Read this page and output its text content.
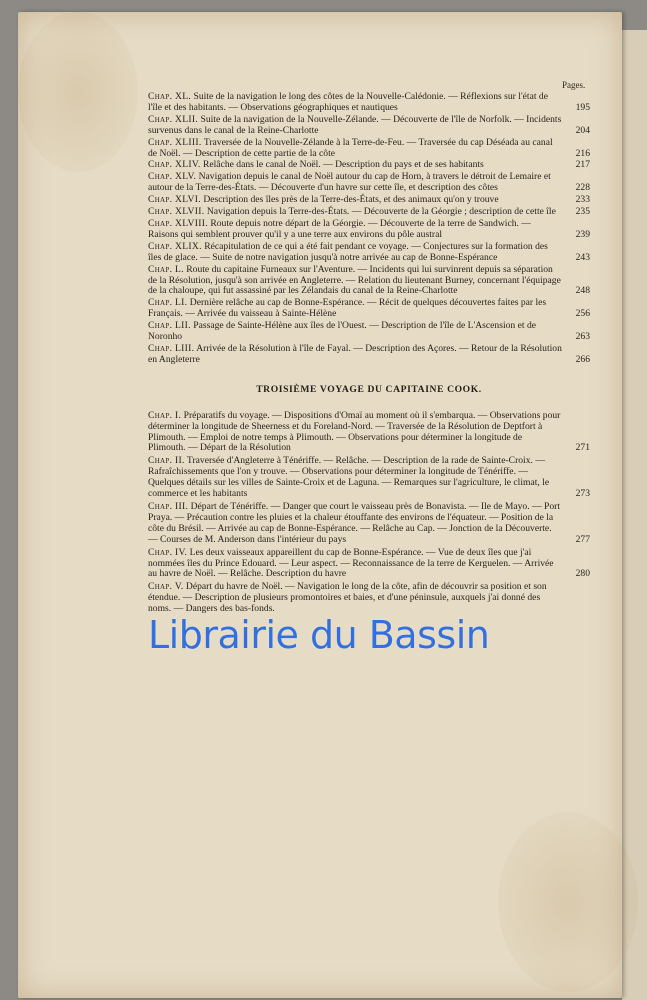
Pages.
Chap. XL. Suite de la navigation le long des côtes de la Nouvelle-Calédonie. — Réflexions sur l'état de l'île et des habitants. — Observations géographiques et nautiques	195
Chap. XLII. Suite de la navigation de la Nouvelle-Zélande. — Découverte de l'île de Norfolk. — Incidents survenus dans le canal de la Reine-Charlotte	204
Chap. XLIII. Traversée de la Nouvelle-Zélande à la Terre-de-Feu. — Traversée du cap Déséada au canal de Noël. — Description de cette partie de la côte	216
Chap. XLIV. Relâche dans le canal de Noël. — Description du pays et de ses habitants	217
Chap. XLV. Navigation depuis le canal de Noël autour du cap de Horn, à travers le détroit de Lemaire et autour de la Terre-des-États. — Découverte d'un havre sur cette île, et description des côtes	228
Chap. XLVI. Description des îles près de la Terre-des-États, et des animaux qu'on y trouve	233
Chap. XLVII. Navigation depuis la Terre-des-États. — Découverte de la Géorgie ; description de cette île	235
Chap. XLVIII. Route depuis notre départ de la Géorgie. — Découverte de la terre de Sandwich. — Raisons qui semblent prouver qu'il y a une terre aux environs du pôle austral	239
Chap. XLIX. Récapitulation de ce qui a été fait pendant ce voyage. — Conjectures sur la formation des îles de glace. — Suite de notre navigation jusqu'à notre arrivée au cap de Bonne-Espérance	243
Chap. L. Route du capitaine Furneaux sur l'Aventure. — Incidents qui lui survinrent depuis sa séparation de la Résolution, jusqu'à son arrivée en Angleterre. — Relation du lieutenant Burney, concernant l'équipage de la chaloupe, qui fut assassiné par les Zélandais du canal de la Reine-Charlotte	248
Chap. LI. Dernière relâche au cap de Bonne-Espérance. — Récit de quelques découvertes faites par les Français. — Arrivée du vaisseau à Sainte-Hélène	256
Chap. LII. Passage de Sainte-Hélène aux îles de l'Ouest. — Description de l'île de L'Ascension et de Noronho	263
Chap. LIII. Arrivée de la Résolution à l'île de Fayal. — Description des Açores. — Retour de la Résolution en Angleterre	266
TROISIÈME VOYAGE DU CAPITAINE COOK.
Chap. I. Préparatifs du voyage. — Dispositions d'Omaï au moment où il s'embarqua. — Observations pour déterminer la longitude de Sheerness et du Foreland-Nord. — Traversée de la Résolution de Deptfort à Plimouth. — Emploi de notre temps à Plimouth. — Observations pour déterminer la longitude de Plimouth. — Départ de la Résolution	271
Chap. II. Traversée d'Angleterre à Ténériffe. — Relâche. — Description de la rade de Sainte-Croix. — Rafraîchissements que l'on y trouve. — Observations pour déterminer la longitude de Ténériffe. — Quelques détails sur les villes de Sainte-Croix et de Laguna. — Remarques sur l'agriculture, le climat, le commerce et les habitants	273
Chap. III. Départ de Ténériffe. — Danger que court le vaisseau près de Bonavista. — Ile de Mayo. — Port Praya. — Précaution contre les pluies et la chaleur étouffante des environs de l'équateur. — Position de la côte du Brésil. — Arrivée au cap de Bonne-Espérance. — Relâche au Cap. — Jonction de la Découverte. — Courses de M. Anderson dans l'intérieur du pays	277
Chap. IV. Les deux vaisseaux appareillent du cap de Bonne-Espérance. — Vue de deux îles que j'ai nommées îles du Prince Edouard. — Leur aspect. — Reconnaissance de la terre de Kerguelen. — Arrivée au havre de Noël. — Relâche. Description du havre	280
Chap. V. Départ du havre de Noël. — Navigation le long de la côte, afin de découvrir sa position et son étendue. — Description de plusieurs promontoires et baies, et d'une péninsule, auxquels j'ai donné des noms. — Dangers des bas-fonds.
Librairie du Bassin
